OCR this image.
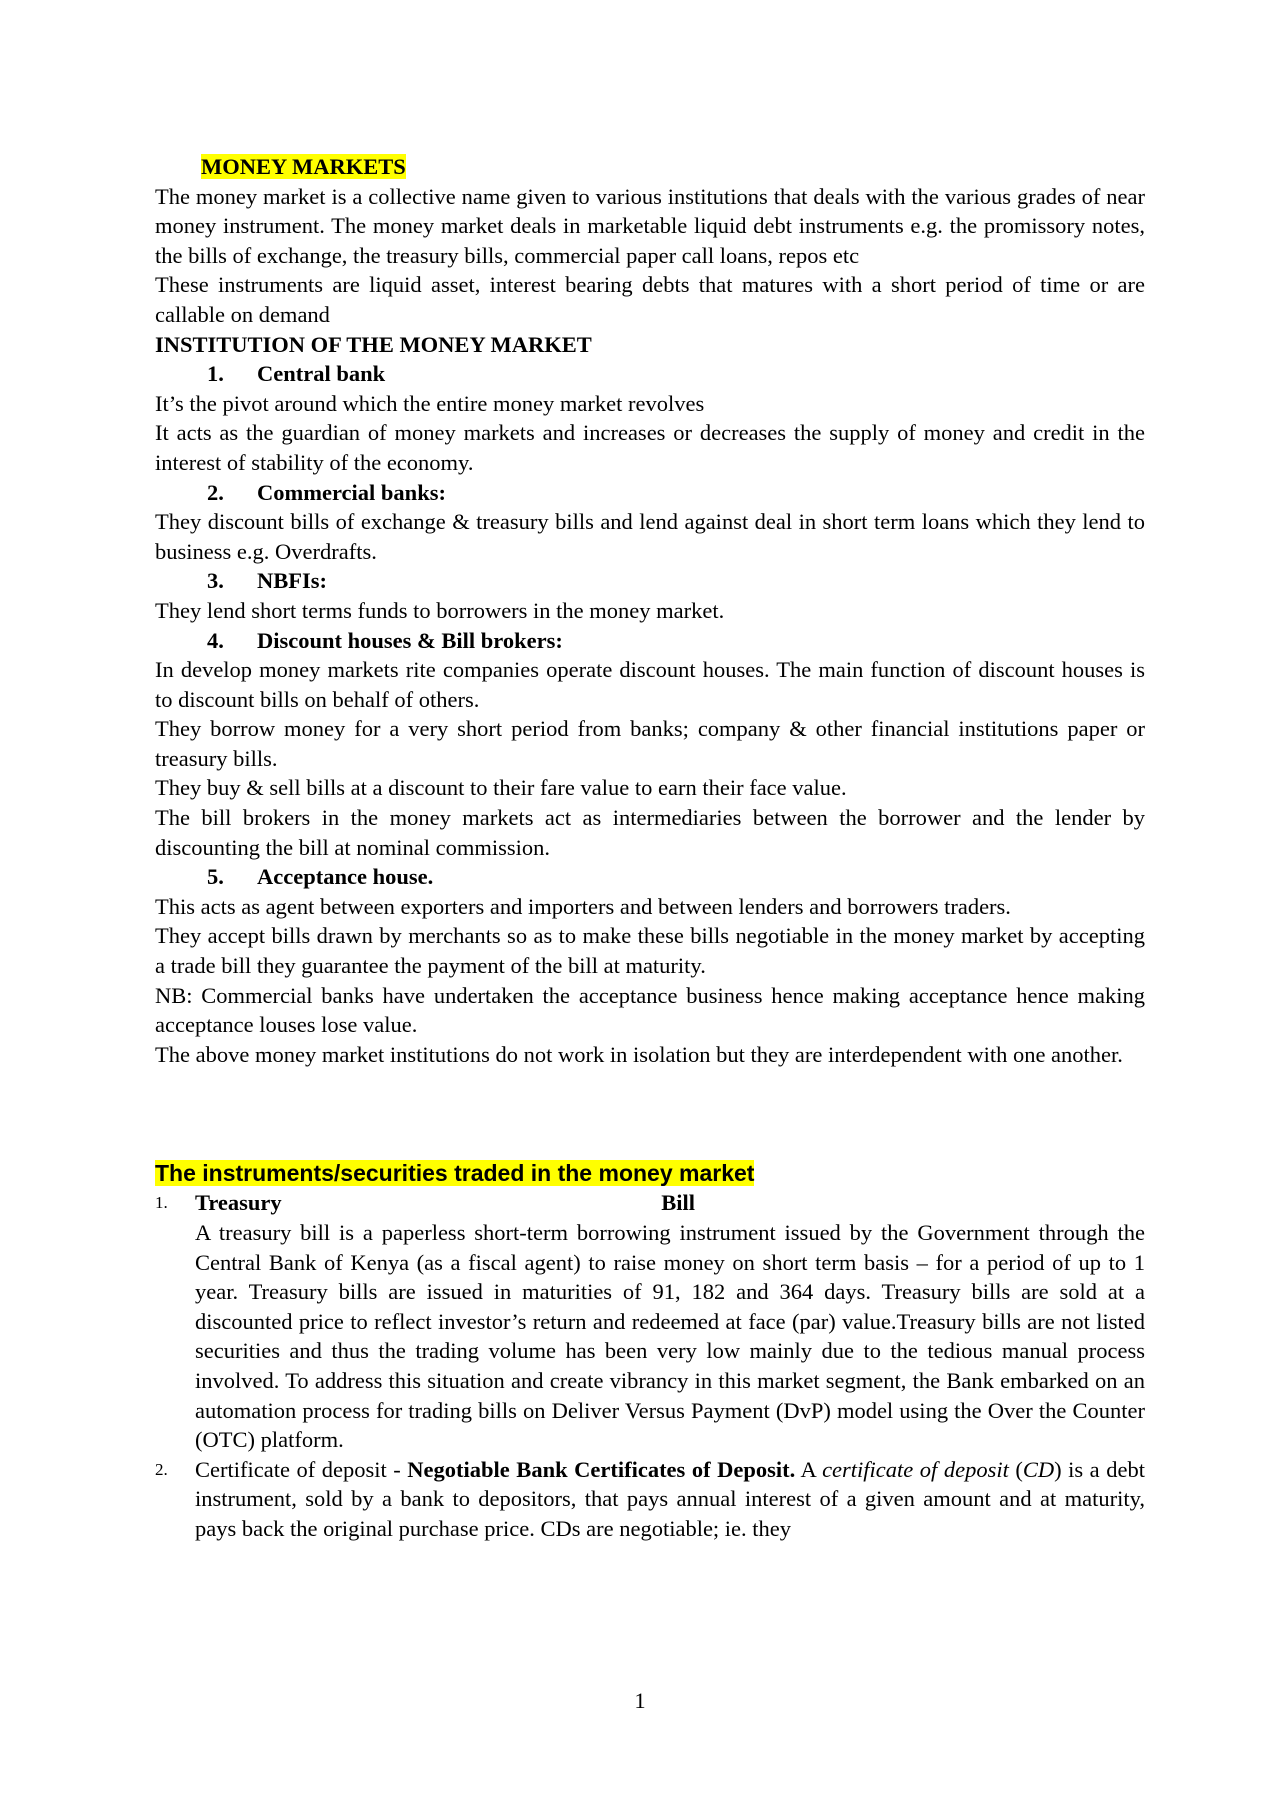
MONEY MARKETS

The money market is a collective name given to various institutions that deals with the various grades of near money instrument. The money market deals in marketable liquid debt instruments e.g. the promissory notes, the bills of exchange, the treasury bills, commercial paper call loans, repos etc

These instruments are liquid asset, interest bearing debts that matures with a short period of time or are callable on demand

INSTITUTION OF THE MONEY MARKET

1.	Central bank

It’s the pivot around which the entire money market revolves

It acts as the guardian of money markets and increases or decreases the supply of money and credit in the interest of stability of the economy.

2.	Commercial banks:

They discount bills of exchange & treasury bills and lend against deal in short term loans which they lend to business e.g. Overdrafts.

3.	NBFIs:

They lend short terms funds to borrowers in the money market.

4.	Discount houses & Bill brokers:

In develop money markets rite companies operate discount houses. The main function of discount houses is to discount bills on behalf of others.

They borrow money for a very short period from banks; company & other financial institutions paper or treasury bills.

They buy & sell bills at a discount to their fare value to earn their face value.

The bill brokers in the money markets act as intermediaries between the borrower and the lender by discounting the bill at nominal commission.

5.	Acceptance house.

This acts as agent between exporters and importers and between lenders and borrowers traders.

They accept bills drawn by merchants so as to make these bills negotiable in the money market by accepting a trade bill they guarantee the payment of the bill at maturity.

NB: Commercial banks have undertaken the acceptance business hence making acceptance hence making acceptance louses lose value.

The above money market institutions do not work in isolation but they are interdependent with one another.

The instruments/securities traded in the money market

1.	Treasury	Bill

A treasury bill is a paperless short-term borrowing instrument issued by the Government through the Central Bank of Kenya (as a fiscal agent) to raise money on short term basis – for a period of up to 1 year. Treasury bills are issued in maturities of 91, 182 and 364 days. Treasury bills are sold at a discounted price to reflect investor’s return and redeemed at face (par) value.Treasury bills are not listed securities and thus the trading volume has been very low mainly due to the tedious manual process involved. To address this situation and create vibrancy in this market segment, the Bank embarked on an automation process for trading bills on Deliver Versus Payment (DvP) model using the Over the Counter (OTC) platform.

2.	Certificate of deposit - Negotiable Bank Certificates of Deposit. A certificate of deposit (CD) is a debt instrument, sold by a bank to depositors, that pays annual interest of a given amount and at maturity, pays back the original purchase price. CDs are negotiable; ie. they

1
